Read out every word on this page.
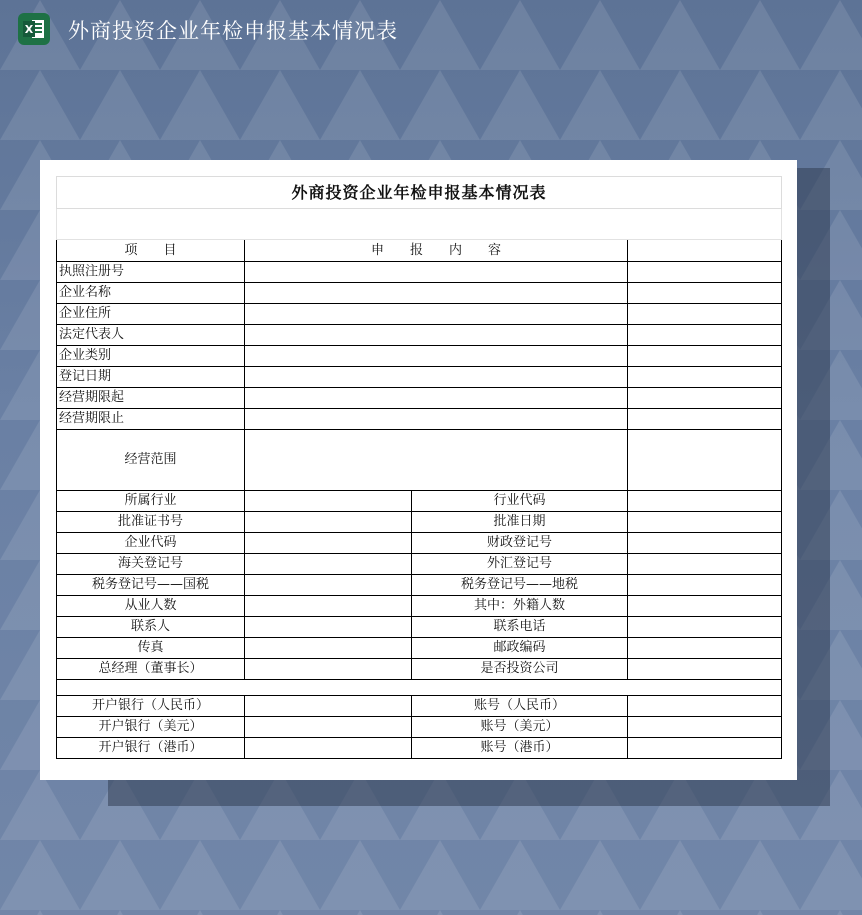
X 外商投资企业年检申报基本情况表
外商投资企业年检申报基本情况表			

项　　目	申　　报　　内　　容		
执照注册号			
企业名称			
企业住所			
法定代表人			
企业类别			
登记日期			
经营期限起			
经营期限止			
经营范围			
所属行业		行业代码	
批准证书号		批准日期	
企业代码		财政登记号	
海关登记号		外汇登记号	
税务登记号——国税		税务登记号——地税	
从业人数		其中：外籍人数	
联系人		联系电话	
传真		邮政编码	
总经理（董事长）		是否投资公司	

开户银行（人民币）		账号（人民币）	
开户银行（美元）		账号（美元）	
开户银行（港币）		账号（港币）	
